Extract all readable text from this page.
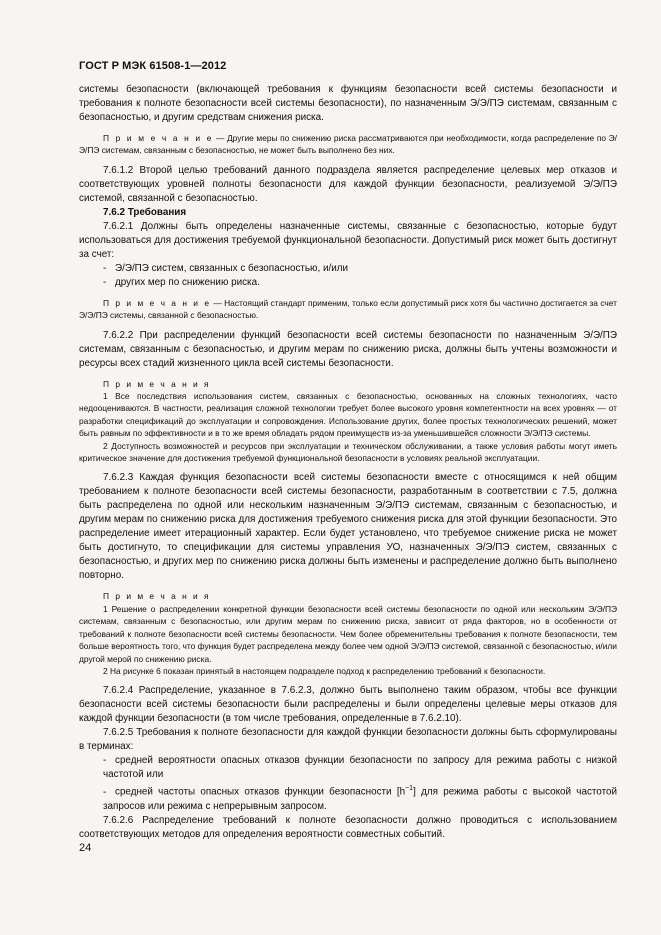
ГОСТ Р МЭК 61508-1—2012

системы безопасности (включающей требования к функциям безопасности всей системы безопасности и требования к полноте безопасности всей системы безопасности), по назначенным Э/Э/ПЭ системам, связанным с безопасностью, и другим средствам снижения риска.

П р и м е ч а н и е — Другие меры по снижению риска рассматриваются при необходимости, когда распределение по Э/Э/ПЭ системам, связанным с безопасностью, не может быть выполнено без них.

7.6.1.2 Второй целью требований данного подраздела является распределение целевых мер отказов и соответствующих уровней полноты безопасности для каждой функции безопасности, реализуемой Э/Э/ПЭ системой, связанной с безопасностью.

7.6.2 Требования

7.6.2.1 Должны быть определены назначенные системы, связанные с безопасностью, которые будут использоваться для достижения требуемой функциональной безопасности. Допустимый риск может быть достигнут за счет:

- Э/Э/ПЭ систем, связанных с безопасностью, и/или

- других мер по снижению риска.

П р и м е ч а н и е — Настоящий стандарт применим, только если допустимый риск хотя бы частично достигается за счет Э/Э/ПЭ системы, связанной с безопасностью.

7.6.2.2 При распределении функций безопасности всей системы безопасности по назначенным Э/Э/ПЭ системам, связанным с безопасностью, и другим мерам по снижению риска, должны быть учтены возможности и ресурсы всех стадий жизненного цикла всей системы безопасности.

П р и м е ч а н и я

1 Все последствия использования систем, связанных с безопасностью, основанных на сложных технологиях, часто недооцениваются. В частности, реализация сложной технологии требует более высокого уровня компетентности на всех уровнях — от разработки спецификаций до эксплуатации и сопровождения. Использование других, более простых технологических решений, может быть равным по эффективности и в то же время обладать рядом преимуществ из-за уменьшившейся сложности Э/Э/ПЭ системы.

2 Доступность возможностей и ресурсов при эксплуатации и техническом обслуживании, а также условия работы могут иметь критическое значение для достижения требуемой функциональной безопасности в условиях реальной эксплуатации.

7.6.2.3 Каждая функция безопасности всей системы безопасности вместе с относящимся к ней общим требованием к полноте безопасности всей системы безопасности, разработанным в соответствии с 7.5, должна быть распределена по одной или нескольким назначенным Э/Э/ПЭ системам, связанным с безопасностью, и другим мерам по снижению риска для достижения требуемого снижения риска для этой функции безопасности. Это распределение имеет итерационный характер. Если будет установлено, что требуемое снижение риска не может быть достигнуто, то спецификации для системы управления УО, назначенных Э/Э/ПЭ систем, связанных с безопасностью, и других мер по снижению риска должны быть изменены и распределение должно быть выполнено повторно.

П р и м е ч а н и я

1 Решение о распределении конкретной функции безопасности всей системы безопасности по одной или нескольким Э/Э/ПЭ системам, связанным с безопасностью, или другим мерам по снижению риска, зависит от ряда факторов, но в особенности от требований к полноте безопасности всей системы безопасности. Чем более обременительны требования к полноте безопасности, тем больше вероятность того, что функция будет распределена между более чем одной Э/Э/ПЭ системой, связанной с безопасностью, и/или другой мерой по снижению риска.

2 На рисунке 6 показан принятый в настоящем подразделе подход к распределению требований к безопасности.

7.6.2.4 Распределение, указанное в 7.6.2.3, должно быть выполнено таким образом, чтобы все функции безопасности всей системы безопасности были распределены и были определены целевые меры отказов для каждой функции безопасности (в том числе требования, определенные в 7.6.2.10).

7.6.2.5 Требования к полноте безопасности для каждой функции безопасности должны быть сформулированы в терминах:

- средней вероятности опасных отказов функции безопасности по запросу для режима работы с низкой частотой или

- средней частоты опасных отказов функции безопасности $[h^{-1}]$ для режима работы с высокой частотой запросов или режима с непрерывным запросом.

7.6.2.6 Распределение требований к полноте безопасности должно проводиться с использованием соответствующих методов для определения вероятности совместных событий.

24
